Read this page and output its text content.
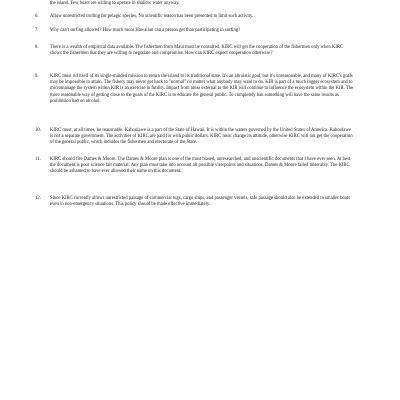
the island. Few boats are willing to operate in shallow water anyway.

6.	Allow unrestricted trolling for pelagic species. No scientific reason has been presented to limit such activity.
7.	Why can't surfing allowed? How much more Hawaiian can a person get than participating in surfing?
8.	There is a wealth of empirical data available. The fishermen from Maui must be consulted. KIRC will get the cooperation of the fishermen only when KIRC shows the fishermen that they are willing to negotiate and compromise. How can KIRC expect cooperation otherwise?
9.	KIRC must rid itself of its single-minded mission to return the island to its traditional state. It's an altruistic goal, but it's unreasonable, and many of KIRC's goals may be impossible to attain. The fishery may never get back to "normal" no matter what anybody may want to do. KIR is part of a much bigger ecosystem and to micromanage the system within KIR is an exercise in futility. Impact from areas external to the KIR will continue to influence the ecosystem within the KIR. The more reasonable way of getting close to the goals of the KIRC is to educate the general public. To completely ban something will have the same results as prohibition had on alcohol.
10.	KIRC must, at all times, be reasonable. Kahoolawe is a part of the State of Hawaii. It is within the waters governed by the United States of America. Kahoolawe is not a separate government. The activities of KIRC are paid for with public dollars. KIRC must change its attitude, otherwise KIRC will not get the cooperation of the general public, which includes the fishermen and electorate of the State.
11.	KIRC should fire Dames & Moore. The Dames & Moore plan is one of the most biased, unresearched, and unscientific documents that I have ever seen. At best, the document is poor science fair material. Any plan must take into account all possible viewpoints and situations. Dames & Moore failed miserably. The KIRC should be ashamed to have ever allowed their name on this document.
12.	Since KIRC currently allows unrestricted passage of commercial tugs, cargo ships, and passenger vessels, safe passage should also be extended to smaller boats even in non-emergency situations. This policy should be made effective immediately.
